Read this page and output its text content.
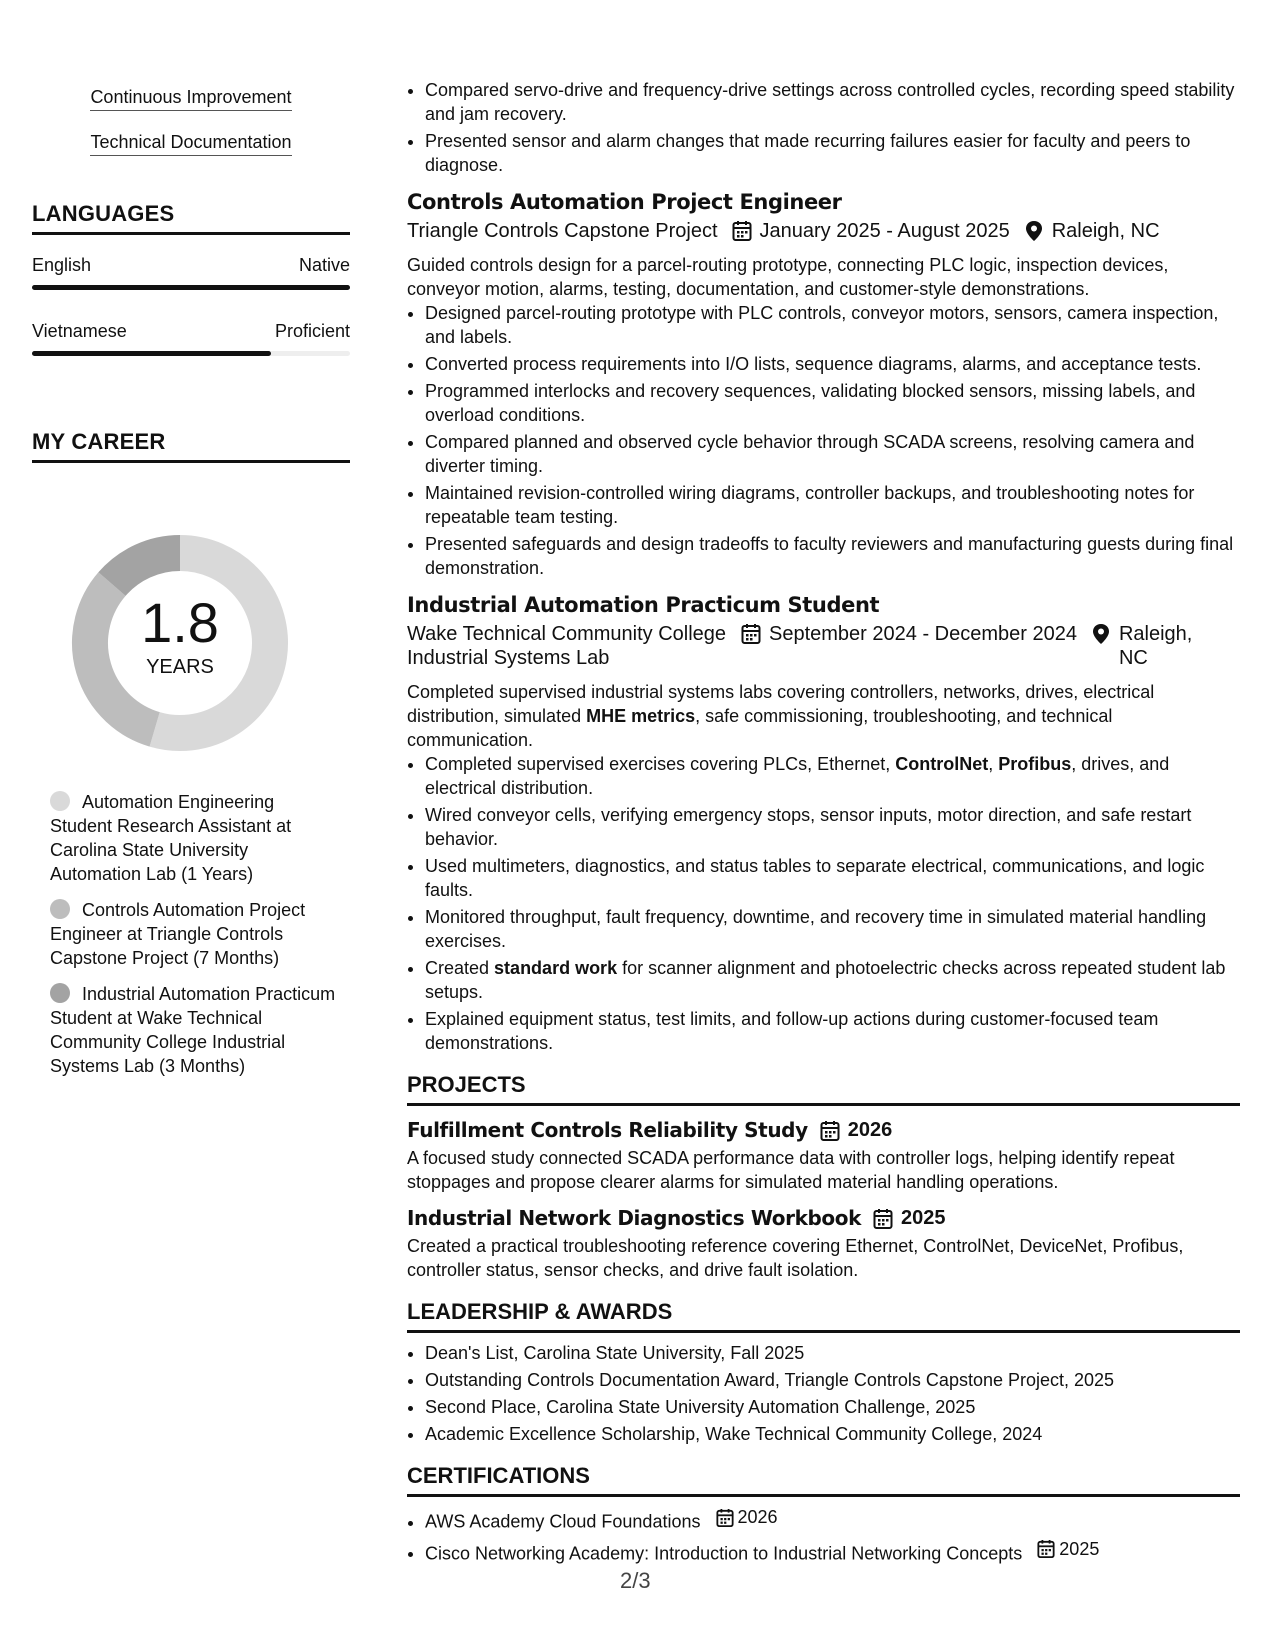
Continuous Improvement
Technical Documentation
LANGUAGES
English	Native
Vietnamese	Proficient
MY CAREER
1.8
YEARS
Automation Engineering Student Research Assistant at Carolina State University Automation Lab (1 Years)
Controls Automation Project Engineer at Triangle Controls Capstone Project (7 Months)
Industrial Automation Practicum Student at Wake Technical Community College Industrial Systems Lab (3 Months)
• Compared servo-drive and frequency-drive settings across controlled cycles, recording speed stability and jam recovery.
• Presented sensor and alarm changes that made recurring failures easier for faculty and peers to diagnose.
Controls Automation Project Engineer
Triangle Controls Capstone Project January 2025 - August 2025 Raleigh, NC
Guided controls design for a parcel-routing prototype, connecting PLC logic, inspection devices, conveyor motion, alarms, testing, documentation, and customer-style demonstrations.
• Designed parcel-routing prototype with PLC controls, conveyor motors, sensors, camera inspection, and labels.
• Converted process requirements into I/O lists, sequence diagrams, alarms, and acceptance tests.
• Programmed interlocks and recovery sequences, validating blocked sensors, missing labels, and overload conditions.
• Compared planned and observed cycle behavior through SCADA screens, resolving camera and diverter timing.
• Maintained revision-controlled wiring diagrams, controller backups, and troubleshooting notes for repeatable team testing.
• Presented safeguards and design tradeoffs to faculty reviewers and manufacturing guests during final demonstration.
Industrial Automation Practicum Student
Wake Technical Community College Industrial Systems Lab
September 2024 - December 2024 Raleigh, NC
Completed supervised industrial systems labs covering controllers, networks, drives, electrical distribution, simulated MHE metrics, safe commissioning, troubleshooting, and technical communication.
• Completed supervised exercises covering PLCs, Ethernet, ControlNet, Profibus, drives, and electrical distribution.
• Wired conveyor cells, verifying emergency stops, sensor inputs, motor direction, and safe restart behavior.
• Used multimeters, diagnostics, and status tables to separate electrical, communications, and logic faults.
• Monitored throughput, fault frequency, downtime, and recovery time in simulated material handling exercises.
• Created standard work for scanner alignment and photoelectric checks across repeated student lab setups.
• Explained equipment status, test limits, and follow-up actions during customer-focused team demonstrations.
PROJECTS
Fulfillment Controls Reliability Study 2026
A focused study connected SCADA performance data with controller logs, helping identify repeat stoppages and propose clearer alarms for simulated material handling operations.
Industrial Network Diagnostics Workbook 2025
Created a practical troubleshooting reference covering Ethernet, ControlNet, DeviceNet, Profibus, controller status, sensor checks, and drive fault isolation.
LEADERSHIP & AWARDS
• Dean's List, Carolina State University, Fall 2025
• Outstanding Controls Documentation Award, Triangle Controls Capstone Project, 2025
• Second Place, Carolina State University Automation Challenge, 2025
• Academic Excellence Scholarship, Wake Technical Community College, 2024
CERTIFICATIONS
• AWS Academy Cloud Foundations 2026
• Cisco Networking Academy: Introduction to Industrial Networking Concepts 2025
2/3
